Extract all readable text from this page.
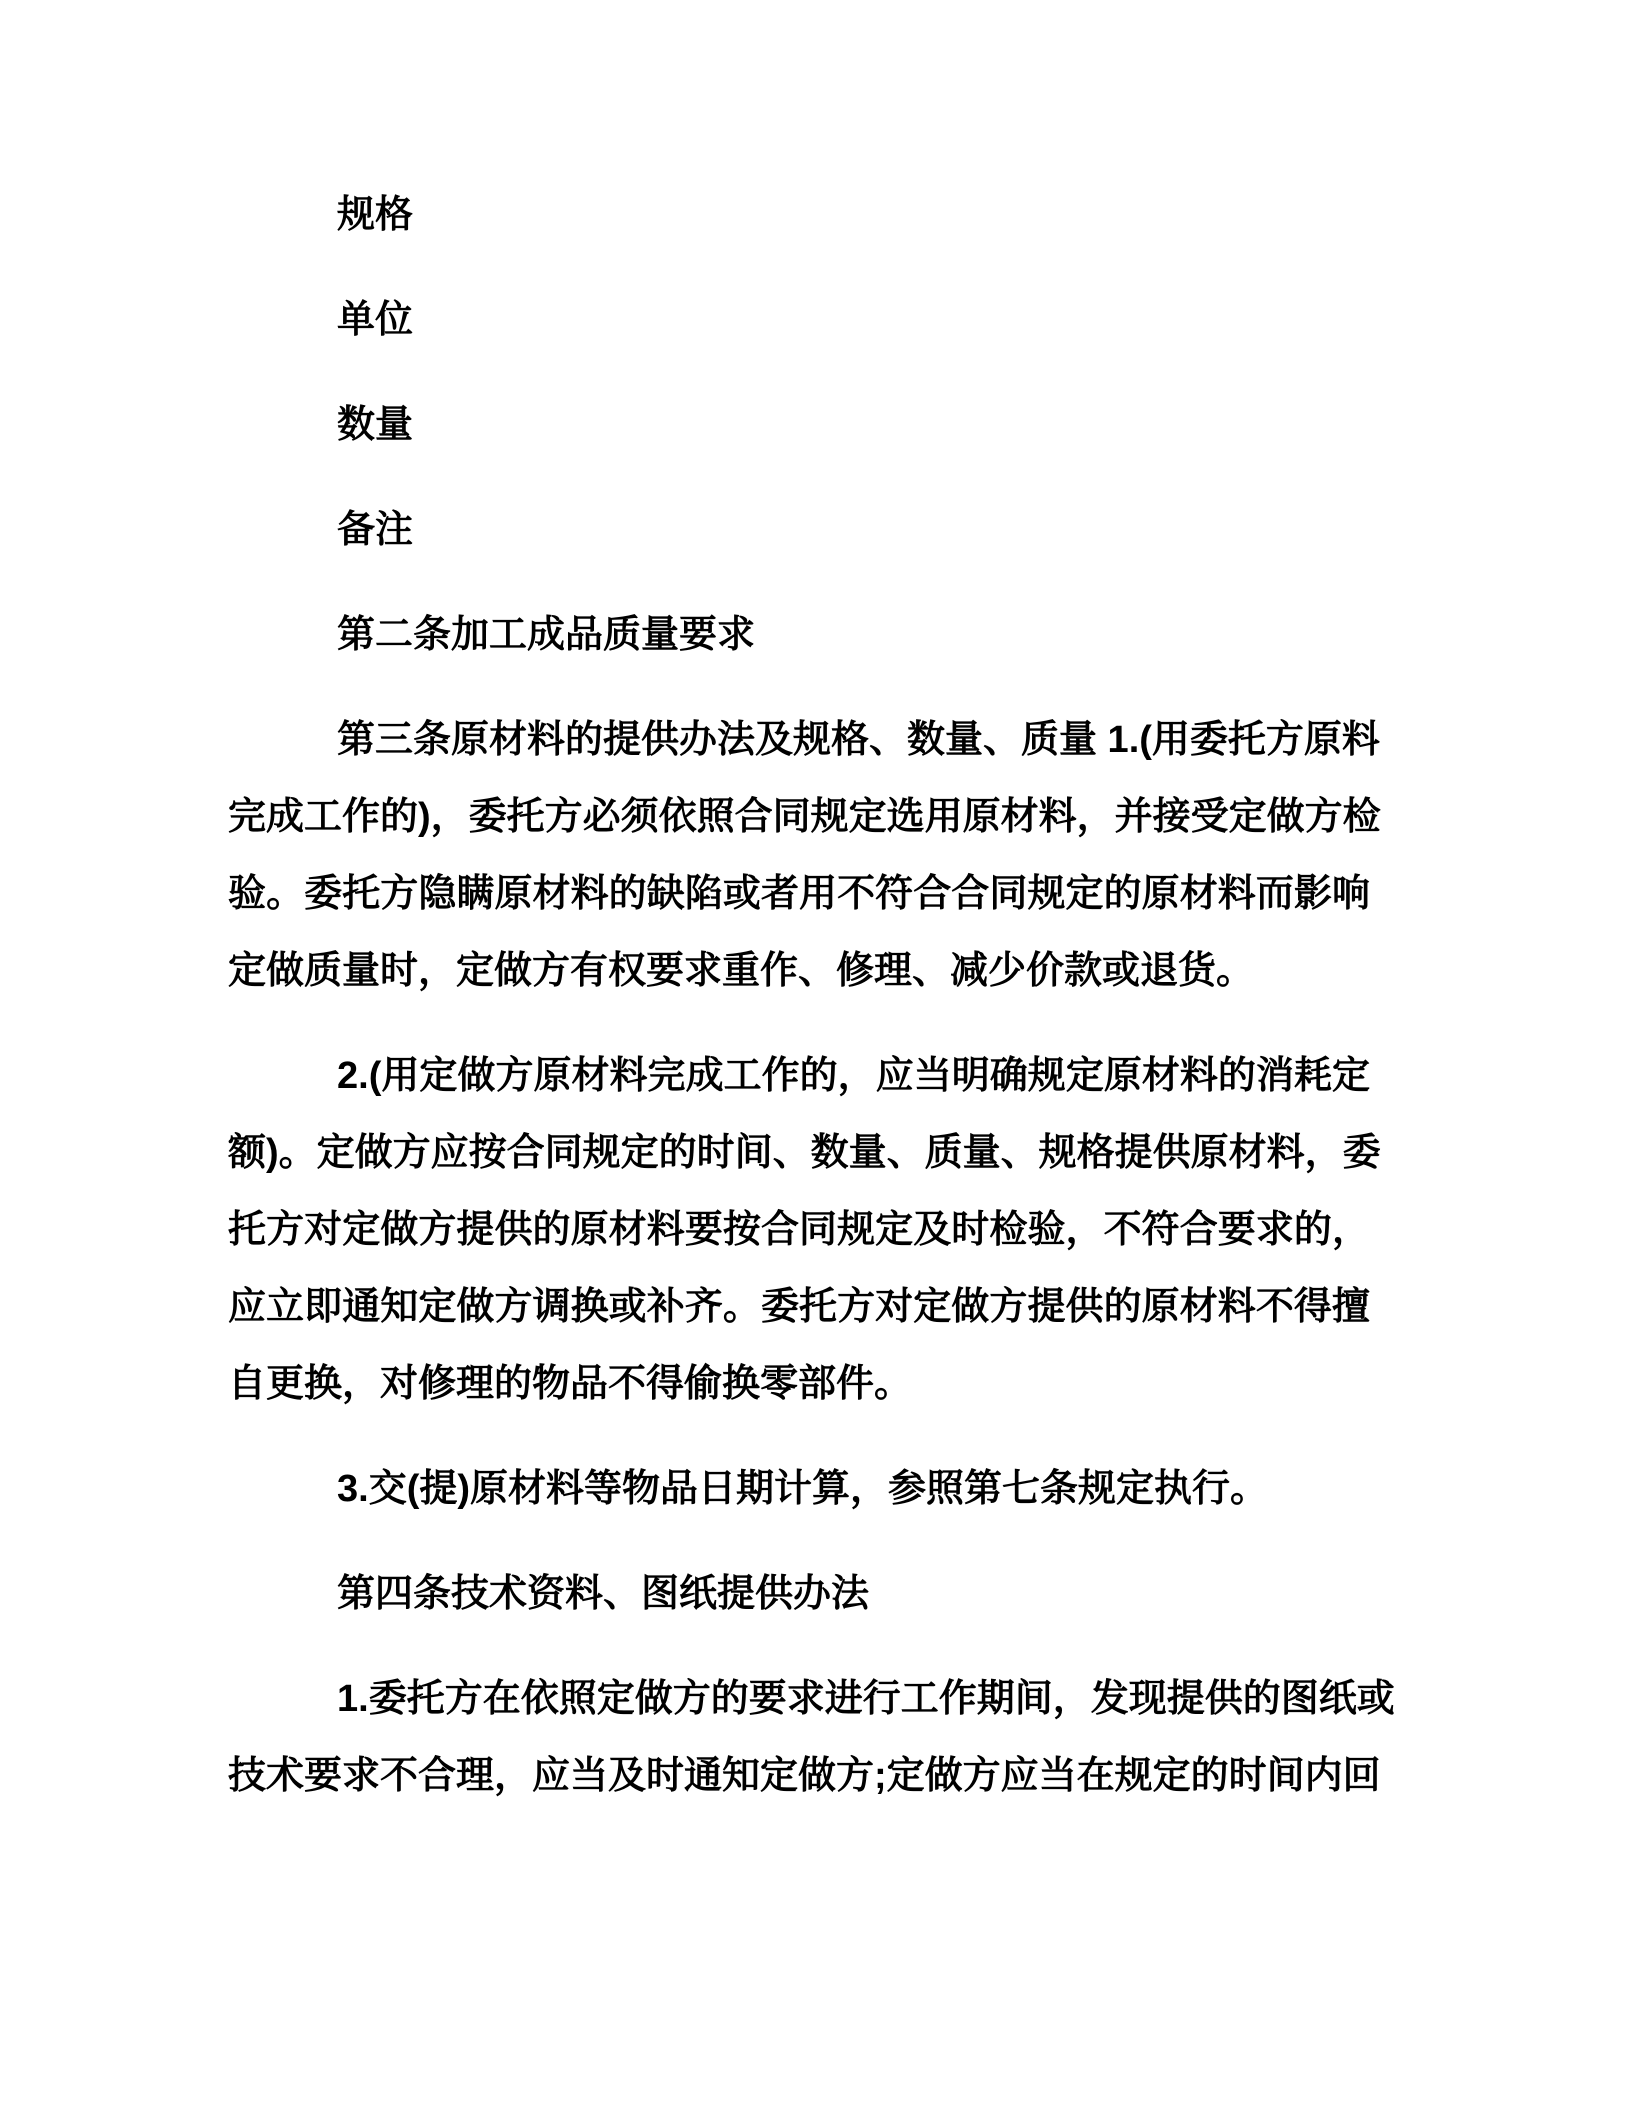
规格
单位
数量
备注
第二条加工成品质量要求
第三条原材料的提供办法及规格、数量、质量 1.(用委托方原料
完成工作的)，委托方必须依照合同规定选用原材料，并接受定做方检
验。委托方隐瞒原材料的缺陷或者用不符合合同规定的原材料而影响
定做质量时，定做方有权要求重作、修理、减少价款或退货。
2.(用定做方原材料完成工作的，应当明确规定原材料的消耗定
额)。定做方应按合同规定的时间、数量、质量、规格提供原材料，委
托方对定做方提供的原材料要按合同规定及时检验，不符合要求的，
应立即通知定做方调换或补齐。委托方对定做方提供的原材料不得擅
自更换，对修理的物品不得偷换零部件。
3.交(提)原材料等物品日期计算，参照第七条规定执行。
第四条技术资料、图纸提供办法
1.委托方在依照定做方的要求进行工作期间，发现提供的图纸或
技术要求不合理，应当及时通知定做方;定做方应当在规定的时间内回
